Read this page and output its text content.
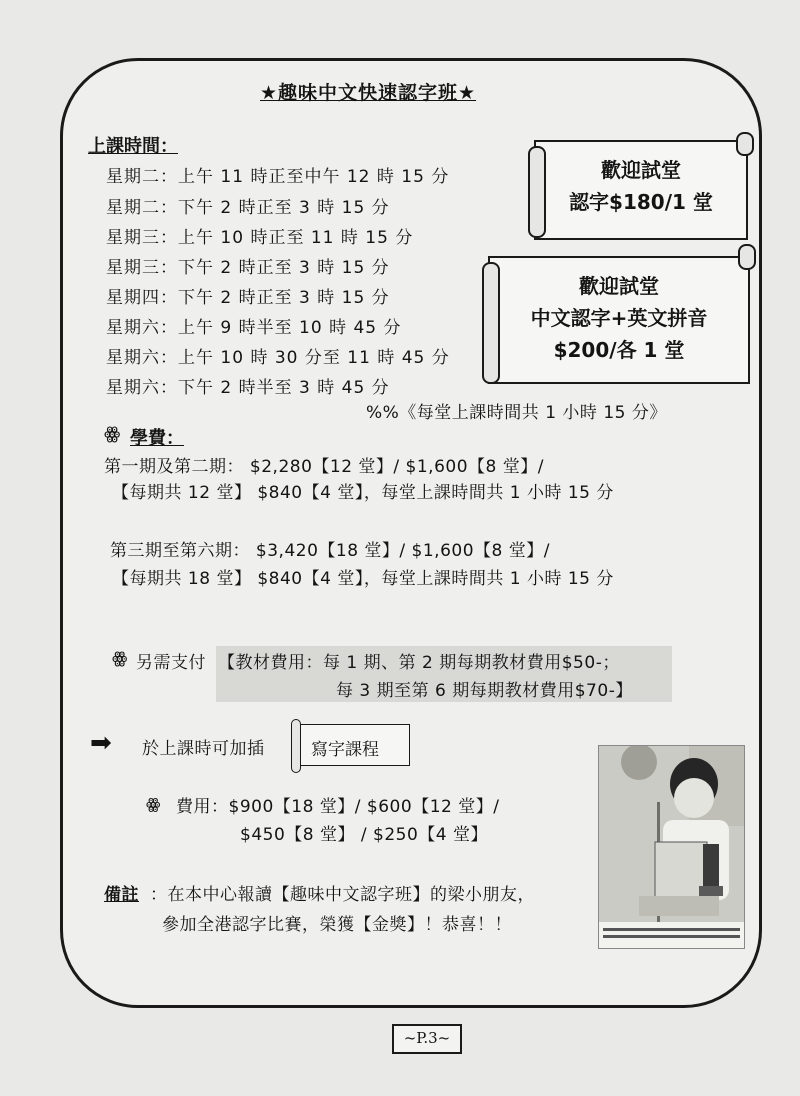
★趣味中文快速認字班★
上課時間：
星期二：上午 11 時正至中午 12 時 15 分
星期二：下午 2 時正至 3 時 15 分
星期三：上午 10 時正至 11 時 15 分
星期三：下午 2 時正至 3 時 15 分
星期四：下午 2 時正至 3 時 15 分
星期六：上午 9 時半至 10 時 45 分
星期六：上午 10 時 30 分至 11 時 45 分
星期六：下午 2 時半至 3 時 45 分
%%《每堂上課時間共 1 小時 15 分》
歡迎試堂
認字$180/1 堂
歡迎試堂
中文認字+英文拼音
$200/各 1 堂
ꙮ 學費：
第一期及第二期： $2,280【12 堂】/ $1,600【8 堂】/
【每期共 12 堂】 $840【4 堂】，每堂上課時間共 1 小時 15 分
第三期至第六期： $3,420【18 堂】/ $1,600【8 堂】/
【每期共 18 堂】 $840【4 堂】，每堂上課時間共 1 小時 15 分
ꙮ 另需支付 【教材費用：每 1 期、第 2 期每期教材費用$50-；
每 3 期至第 6 期每期教材費用$70-】
➡ 於上課時可加插	寫字課程
ꙮ 費用：$900【18 堂】/ $600【12 堂】/
$450【8 堂】 / $250【4 堂】
備註 ：在本中心報讀【趣味中文認字班】的梁小朋友，
參加全港認字比賽，榮獲【金獎】！恭喜！！
~P.3~
